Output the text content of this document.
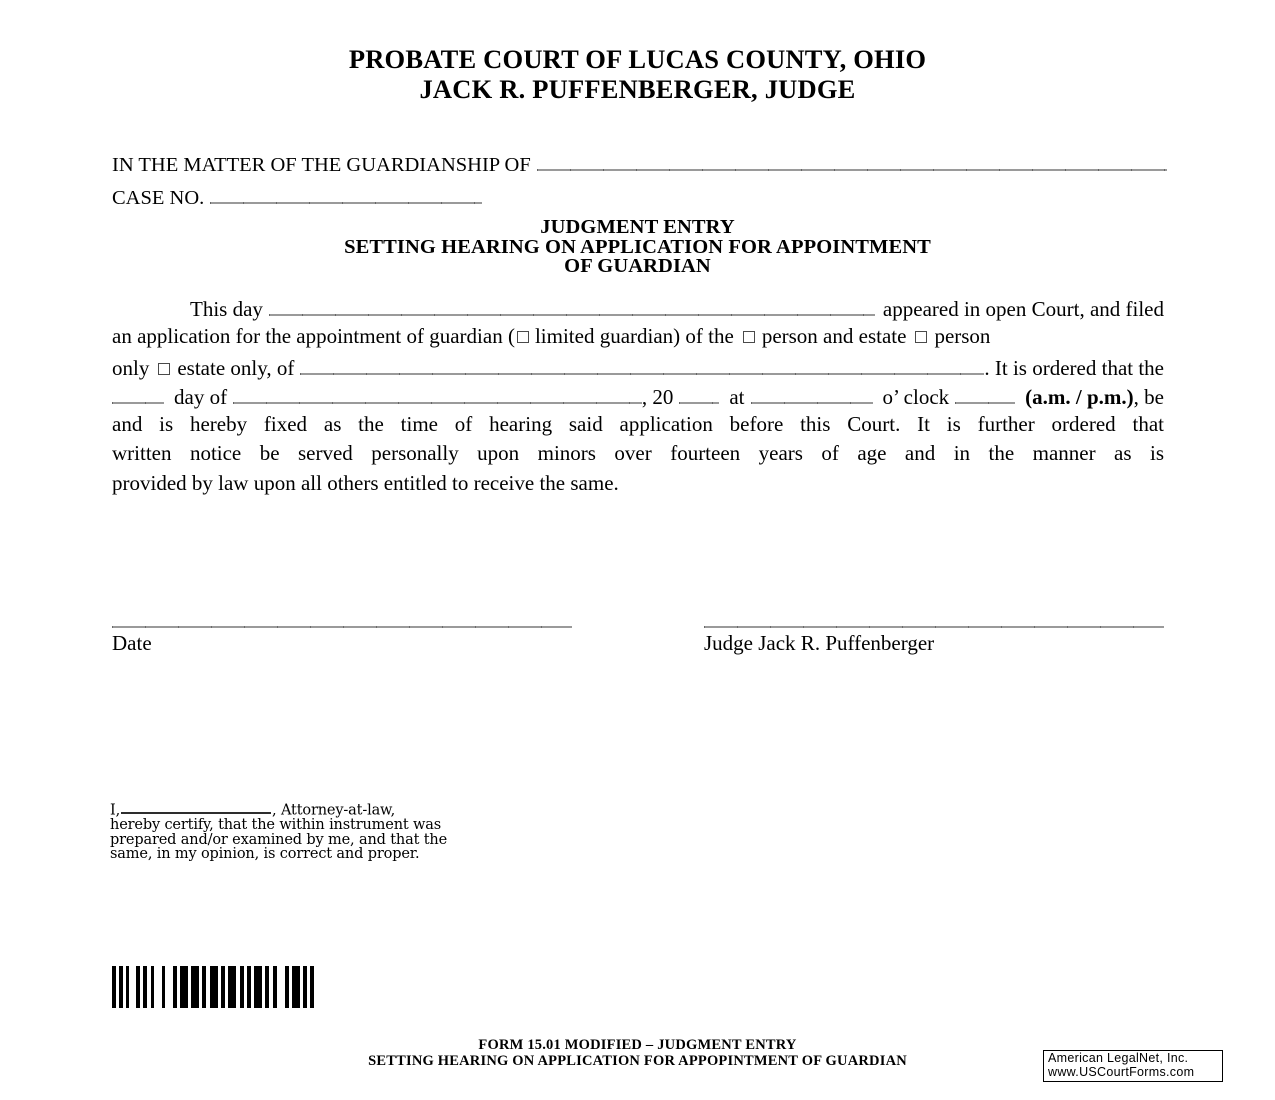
PROBATE COURT OF LUCAS COUNTY, OHIO
JACK R. PUFFENBERGER, JUDGE
IN THE MATTER OF THE GUARDIANSHIP OF
CASE NO.
JUDGMENT ENTRY
SETTING HEARING ON APPLICATION FOR APPOINTMENT
OF GUARDIAN
This day	appeared in open Court, and filed
an application for the appointment of guardian ( limited guardian) of the person and estate person
only estate only, of	. It is ordered that the
day of	, 20	at	o’ clock	(a.m. / p.m.) , be
and is hereby fixed as the time of hearing said application before this Court. It is further ordered that
written notice be served personally upon minors over fourteen years of age and in the manner as is
provided by law upon all others entitled to receive the same.
Date	Judge Jack R. Puffenberger
I,	, Attorney-at-law,
hereby certify, that the within instrument was
prepared and/or examined by me, and that the
same, in my opinion, is correct and proper.
FORM 15.01 MODIFIED – JUDGMENT ENTRY
SETTING HEARING ON APPLICATION FOR APPOPINTMENT OF GUARDIAN	American LegalNet, Inc.
www.USCourtForms.com
